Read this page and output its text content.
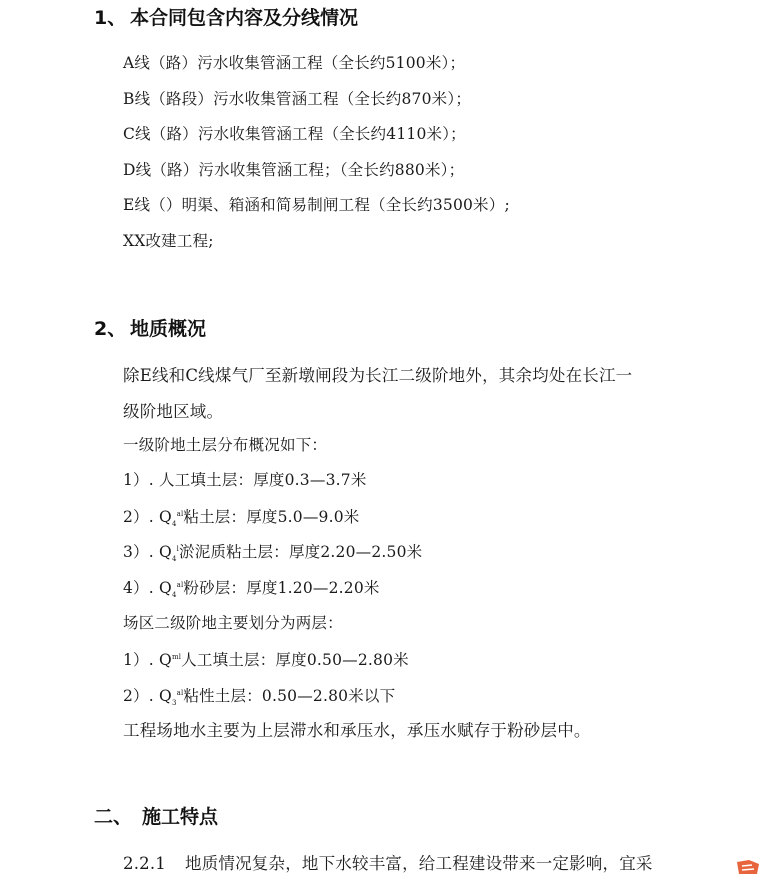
1、 本合同包含内容及分线情况
A线（路）污水收集管涵工程（全长约5100米）；
B线（路段）污水收集管涵工程（全长约870米）；
C线（路）污水收集管涵工程（全长约4110米）；
D线（路）污水收集管涵工程；（全长约880米）；
E线（）明渠、箱涵和简易制闸工程（全长约3500米）;
XX改建工程;
2、 地质概况
除E线和C线煤气厂至新墩闸段为长江二级阶地外，其余均处在长江一
级阶地区域。
一级阶地土层分布概况如下：
1）. 人工填土层：厚度0.3—3.7米
2）. $Q_4^{al}$粘土层：厚度5.0—9.0米
3）. $Q_4^l$淤泥质粘土层：厚度2.20—2.50米
4）. $Q_4^{al}$粉砂层：厚度1.20—2.20米
场区二级阶地主要划分为两层：
1）. $Q^{ml}$人工填土层：厚度0.50—2.80米
2）. $Q_3^{al}$粘性土层：0.50—2.80米以下
工程场地水主要为上层滞水和承压水，承压水赋存于粉砂层中。
二、 施工特点
2.2.1 地质情况复杂，地下水较丰富，给工程建设带来一定影响，宜采
